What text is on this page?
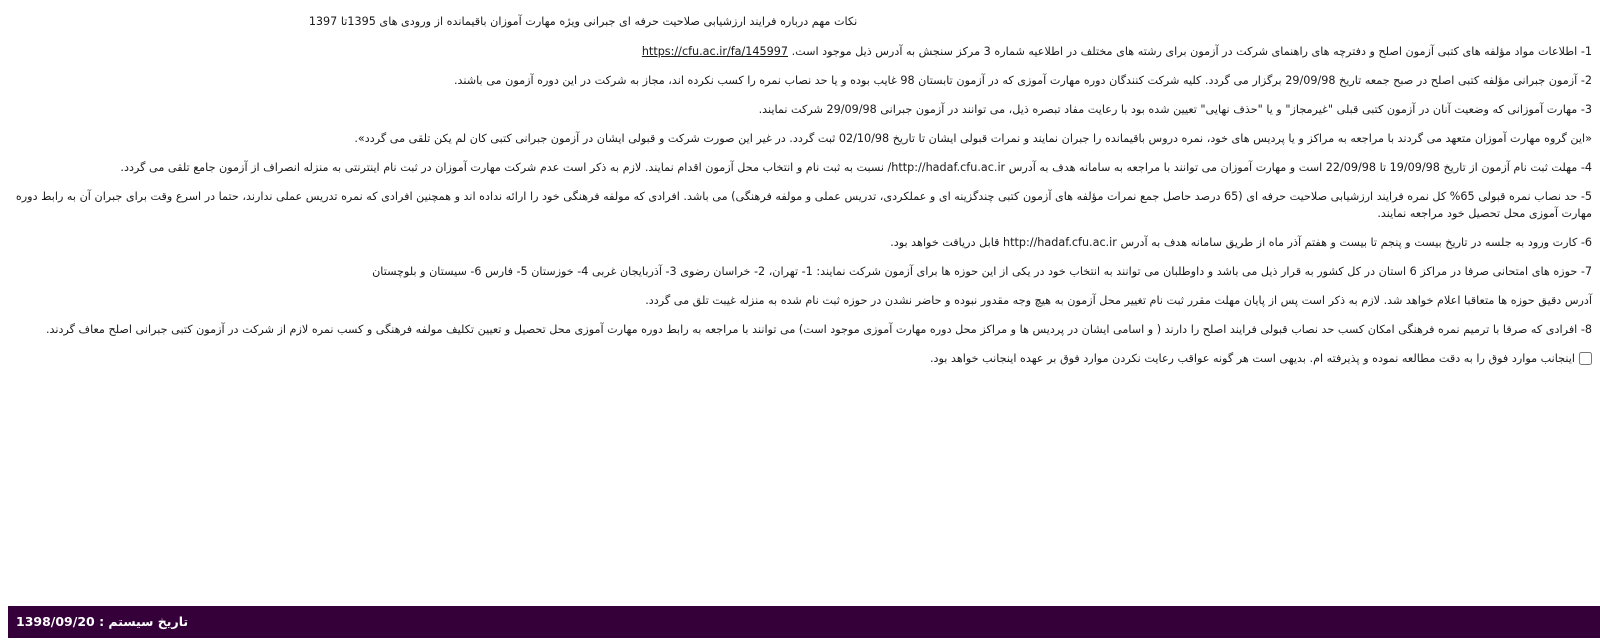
نکات مهم درباره فرایند ارزشیابی صلاحیت حرفه ای جبرانی ویژه مهارت آموزان باقیمانده از ورودی های 1395تا 1397

1- اطلاعات مواد مؤلفه های کتبی آزمون اصلح و دفترچه های راهنمای شرکت در آزمون برای رشته های مختلف در اطلاعیه شماره 3 مرکز سنجش به آدرس ذیل موجود است. https://cfu.ac.ir/fa/145997

2- آزمون جبرانی مؤلفه کتبی اصلح در صبح جمعه تاریخ 29/09/98 برگزار می گردد. کلیه شرکت کنندگان دوره مهارت آموزی که در آزمون تابستان 98 غایب بوده و یا حد نصاب نمره را کسب نکرده اند، مجاز به شرکت در این دوره آزمون می باشند.

3- مهارت آموزانی که وضعیت آنان در آزمون کتبی قبلی "غیرمجاز" و یا "حذف نهایی" تعیین شده بود با رعایت مفاد تبصره ذیل، می توانند در آزمون جبرانی 29/09/98 شرکت نمایند.

«این گروه مهارت آموزان متعهد می گردند با مراجعه به مراکز و یا پردیس های خود، نمره دروس باقیمانده را جبران نمایند و نمرات قبولی ایشان تا تاریخ 02/10/98 ثبت گردد. در غیر این صورت شرکت و قبولی ایشان در آزمون جبرانی کتبی کان لم یکن تلقی می گردد».

4- مهلت ثبت نام آزمون از تاریخ 19/09/98 تا 22/09/98 است و مهارت آموزان می توانند با مراجعه به سامانه هدف به آدرس http://hadaf.cfu.ac.ir/ نسبت به ثبت نام و انتخاب محل آزمون اقدام نمایند. لازم به ذکر است عدم شرکت مهارت آموزان در ثبت نام اینترنتی به منزله انصراف از آزمون جامع تلقی می گردد.

5- حد نصاب نمره قبولی 65% کل نمره فرایند ارزشیابی صلاحیت حرفه ای (65 درصد حاصل جمع نمرات مؤلفه های آزمون کتبی چندگزینه ای و عملکردی، تدریس عملی و مولفه فرهنگی) می باشد. افرادی که مولفه فرهنگی خود را ارائه نداده اند و همچنین افرادی که نمره تدریس عملی ندارند، حتما در اسرع وقت برای جبران آن به رابط دوره مهارت آموزی محل تحصیل خود مراجعه نمایند.

6- کارت ورود به جلسه در تاریخ بیست و پنجم تا بیست و هفتم آذر ماه از طریق سامانه هدف به آدرس http://hadaf.cfu.ac.ir قابل دریافت خواهد بود.

7- حوزه های امتحانی صرفا در مراکز 6 استان در کل کشور به قرار ذیل می باشد و داوطلبان می توانند به انتخاب خود در یکی از این حوزه ها برای آزمون شرکت نمایند: 1- تهران، 2- خراسان رضوی 3- آذربایجان غربی 4- خوزستان 5- فارس 6- سیستان و بلوچستان

آدرس دقیق حوزه ها متعاقبا اعلام خواهد شد. لازم به ذکر است پس از پایان مهلت مقرر ثبت نام تغییر محل آزمون به هیچ وجه مقدور نبوده و حاضر نشدن در حوزه ثبت نام شده به منزله غیبت تلق می گردد.

8- افرادی که صرفا با ترمیم نمره فرهنگی امکان کسب حد نصاب قبولی فرایند اصلح را دارند ( و اسامی ایشان در پردیس ها و مراکز محل دوره مهارت آموزی موجود است) می توانند با مراجعه به رابط دوره مهارت آموزی محل تحصیل و تعیین تکلیف مولفه فرهنگی و کسب نمره لازم از شرکت در آزمون کتبی جبرانی اصلح معاف گردند.

اینجانب موارد فوق را به دقت مطالعه نموده و پذیرفته ام. بدیهی است هر گونه عواقب رعایت نکردن موارد فوق بر عهده اینجانب خواهد بود.
تاریخ سیستم : 1398/09/20
